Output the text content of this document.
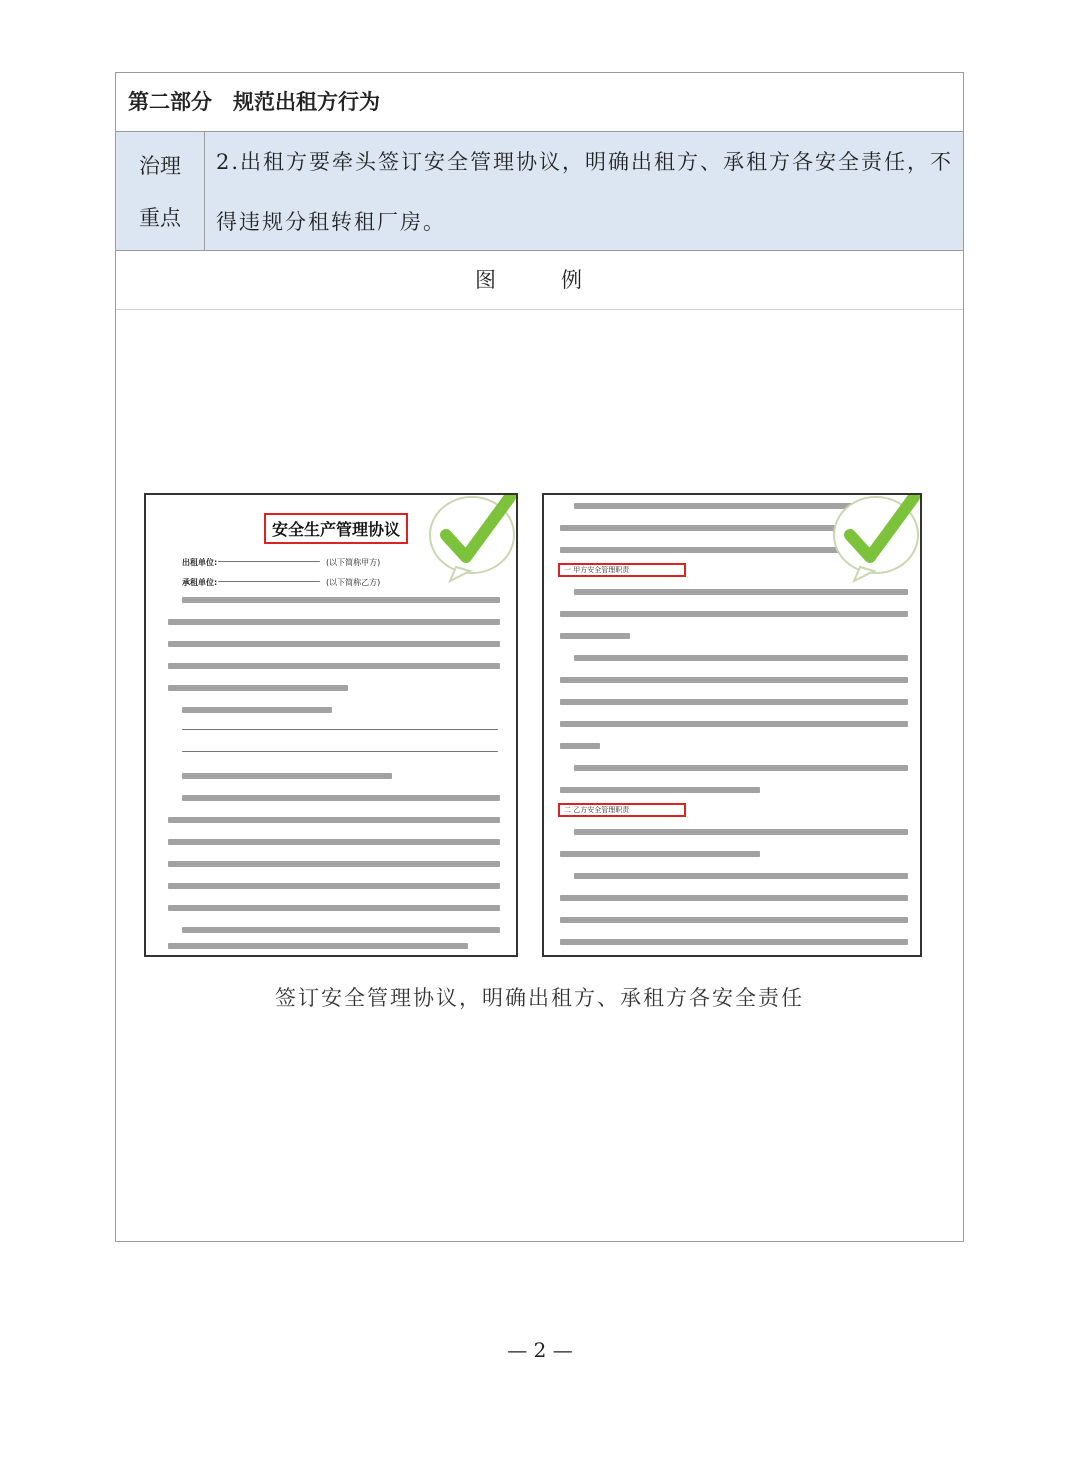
第二部分　规范出租方行为
治理
重点
2.出租方要牵头签订安全管理协议，明确出租方、承租方各安全责任，不得违规分租转租厂房。
图　例
安全生产管理协议
出租单位:	(以下简称甲方)
承租单位:	(以下简称乙方)
一 甲方安全管理职责
二 乙方安全管理职责
签订安全管理协议，明确出租方、承租方各安全责任
— 2 —
